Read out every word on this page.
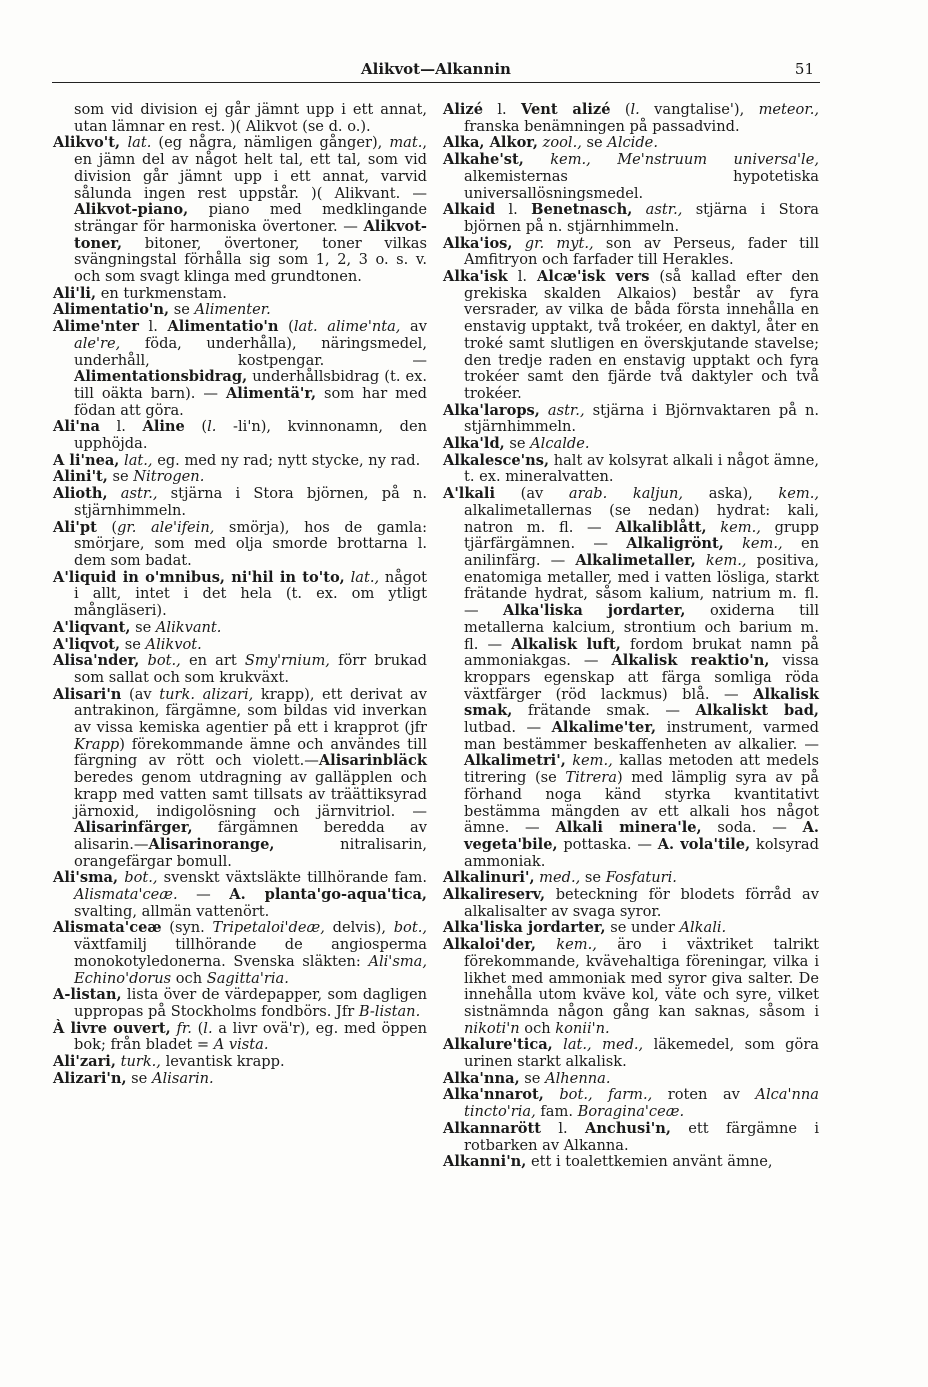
Alikvot—Alkannin	51

som vid division ej går jämnt upp i ett annat, utan lämnar en rest. )( Alikvot (se d. o.).

Alikvo't, lat. (eg några, nämligen gånger), mat., en jämn del av något helt tal, ett tal, som vid division går jämnt upp i ett annat, varvid sålunda ingen rest uppstår. )( Alikvant. — Alikvot-piano, piano med medklingande strängar för harmoniska övertoner. — Alikvot-toner, bitoner, övertoner, toner vilkas svängningstal förhålla sig som 1, 2, 3 o. s. v. och som svagt klinga med grundtonen.

Ali'li, en turkmenstam.

Alimentatio'n, se Alimenter.

Alime'nter l. Alimentatio'n (lat. alime'nta, av ale're, föda, underhålla), näringsmedel, underhåll, kostpengar. — Alimentationsbidrag, underhållsbidrag (t. ex. till oäkta barn). — Alimentä'r, som har med födan att göra.

Ali'na l. Aline (l. -li'n), kvinnonamn, den upphöjda.

A li'nea, lat., eg. med ny rad; nytt stycke, ny rad.

Alini't, se Nitrogen.

Alioth, astr., stjärna i Stora björnen, på n. stjärnhimmeln.

Ali'pt (gr. ale'ifein, smörja), hos de gamla: smörjare, som med olja smorde brottarna l. dem som badat.

A'liquid in o'mnibus, ni'hil in to'to, lat., något i allt, intet i det hela (t. ex. om ytligt mångläseri).

A'liqvant, se Alikvant.

A'liqvot, se Alikvot.

Alisa'nder, bot., en art Smy'rnium, förr brukad som sallat och som krukväxt.

Alisari'n (av turk. alizari, krapp), ett derivat av antrakinon, färgämne, som bildas vid inverkan av vissa kemiska agentier på ett i krapprot (jfr Krapp) förekommande ämne och användes till färgning av rött och violett.—Alisarinbläck beredes genom utdragning av galläpplen och krapp med vatten samt tillsats av träättiksyrad järnoxid, indigolösning och järnvitriol. — Alisarinfärger, färgämnen beredda av alisarin.—Alisarinorange, nitralisarin, orangefärgar bomull.

Ali'sma, bot., svenskt växtsläkte tillhörande fam. Alismata'ceæ. — A. planta'go-aqua'tica, svalting, allmän vattenört.

Alismata'ceæ (syn. Tripetaloi'deæ, delvis), bot., växtfamilj tillhörande de angiosperma monokotyledonerna. Svenska släkten: Ali'sma, Echino'dorus och Sagitta'ria.

A-listan, lista över de värdepapper, som dagligen uppropas på Stockholms fondbörs. Jfr B-listan.

À livre ouvert, fr. (l. a livr ovä'r), eg. med öppen bok; från bladet = A vista.

Ali'zari, turk., levantisk krapp.

Alizari'n, se Alisarin.

Alizé l. Vent alizé (l. vangtalise'), meteor., franska benämningen på passadvind.

Alka, Alkor, zool., se Alcide.

Alkahe'st, kem., Me'nstruum universa'le, alkemisternas hypotetiska universallösningsmedel.

Alkaid l. Benetnasch, astr., stjärna i Stora björnen på n. stjärnhimmeln.

Alka'ios, gr. myt., son av Perseus, fader till Amfitryon och farfader till Herakles.

Alka'isk l. Alcæ'isk vers (så kallad efter den grekiska skalden Alkaios) består av fyra versrader, av vilka de båda första innehålla en enstavig upptakt, två trokéer, en daktyl, åter en troké samt slutligen en överskjutande stavelse; den tredje raden en enstavig upptakt och fyra trokéer samt den fjärde två daktyler och två trokéer.

Alka'larops, astr., stjärna i Björnvaktaren på n. stjärnhimmeln.

Alka'ld, se Alcalde.

Alkalesce'ns, halt av kolsyrat alkali i något ämne, t. ex. mineralvatten.

A'lkali (av arab. kaljun, aska), kem., alkalimetallernas (se nedan) hydrat: kali, natron m. fl. — Alkaliblått, kem., grupp tjärfärgämnen. — Alkaligrönt, kem., en anilinfärg. — Alkalimetaller, kem., positiva, enatomiga metaller, med i vatten lösliga, starkt frätande hydrat, såsom kalium, natrium m. fl. — Alka'liska jordarter, oxiderna till metallerna kalcium, strontium och barium m. fl. — Alkalisk luft, fordom brukat namn på ammoniakgas. — Alkalisk reaktio'n, vissa kroppars egenskap att färga somliga röda växtfärger (röd lackmus) blå. — Alkalisk smak, frätande smak. — Alkaliskt bad, lutbad. — Alkalime'ter, instrument, varmed man bestämmer beskaffenheten av alkalier. — Alkalimetri', kem., kallas metoden att medels titrering (se Titrera) med lämplig syra av på förhand noga känd styrka kvantitativt bestämma mängden av ett alkali hos något ämne. — Alkali minera'le, soda. — A. vegeta'bile, pottaska. — A. vola'tile, kolsyrad ammoniak.

Alkalinuri', med., se Fosfaturi.

Alkalireserv, beteckning för blodets förråd av alkalisalter av svaga syror.

Alka'liska jordarter, se under Alkali.

Alkaloi'der, kem., äro i växtriket talrikt förekommande, kvävehaltiga föreningar, vilka i likhet med ammoniak med syror giva salter. De innehålla utom kväve kol, väte och syre, vilket sistnämnda någon gång kan saknas, såsom i nikoti'n och konii'n.

Alkalure'tica, lat., med., läkemedel, som göra urinen starkt alkalisk.

Alka'nna, se Alhenna.

Alka'nnarot, bot., farm., roten av Alca'nna tincto'ria, fam. Boragina'ceæ.

Alkannarött l. Anchusi'n, ett färgämne i rotbarken av Alkanna.

Alkanni'n, ett i toalettkemien använt ämne,
